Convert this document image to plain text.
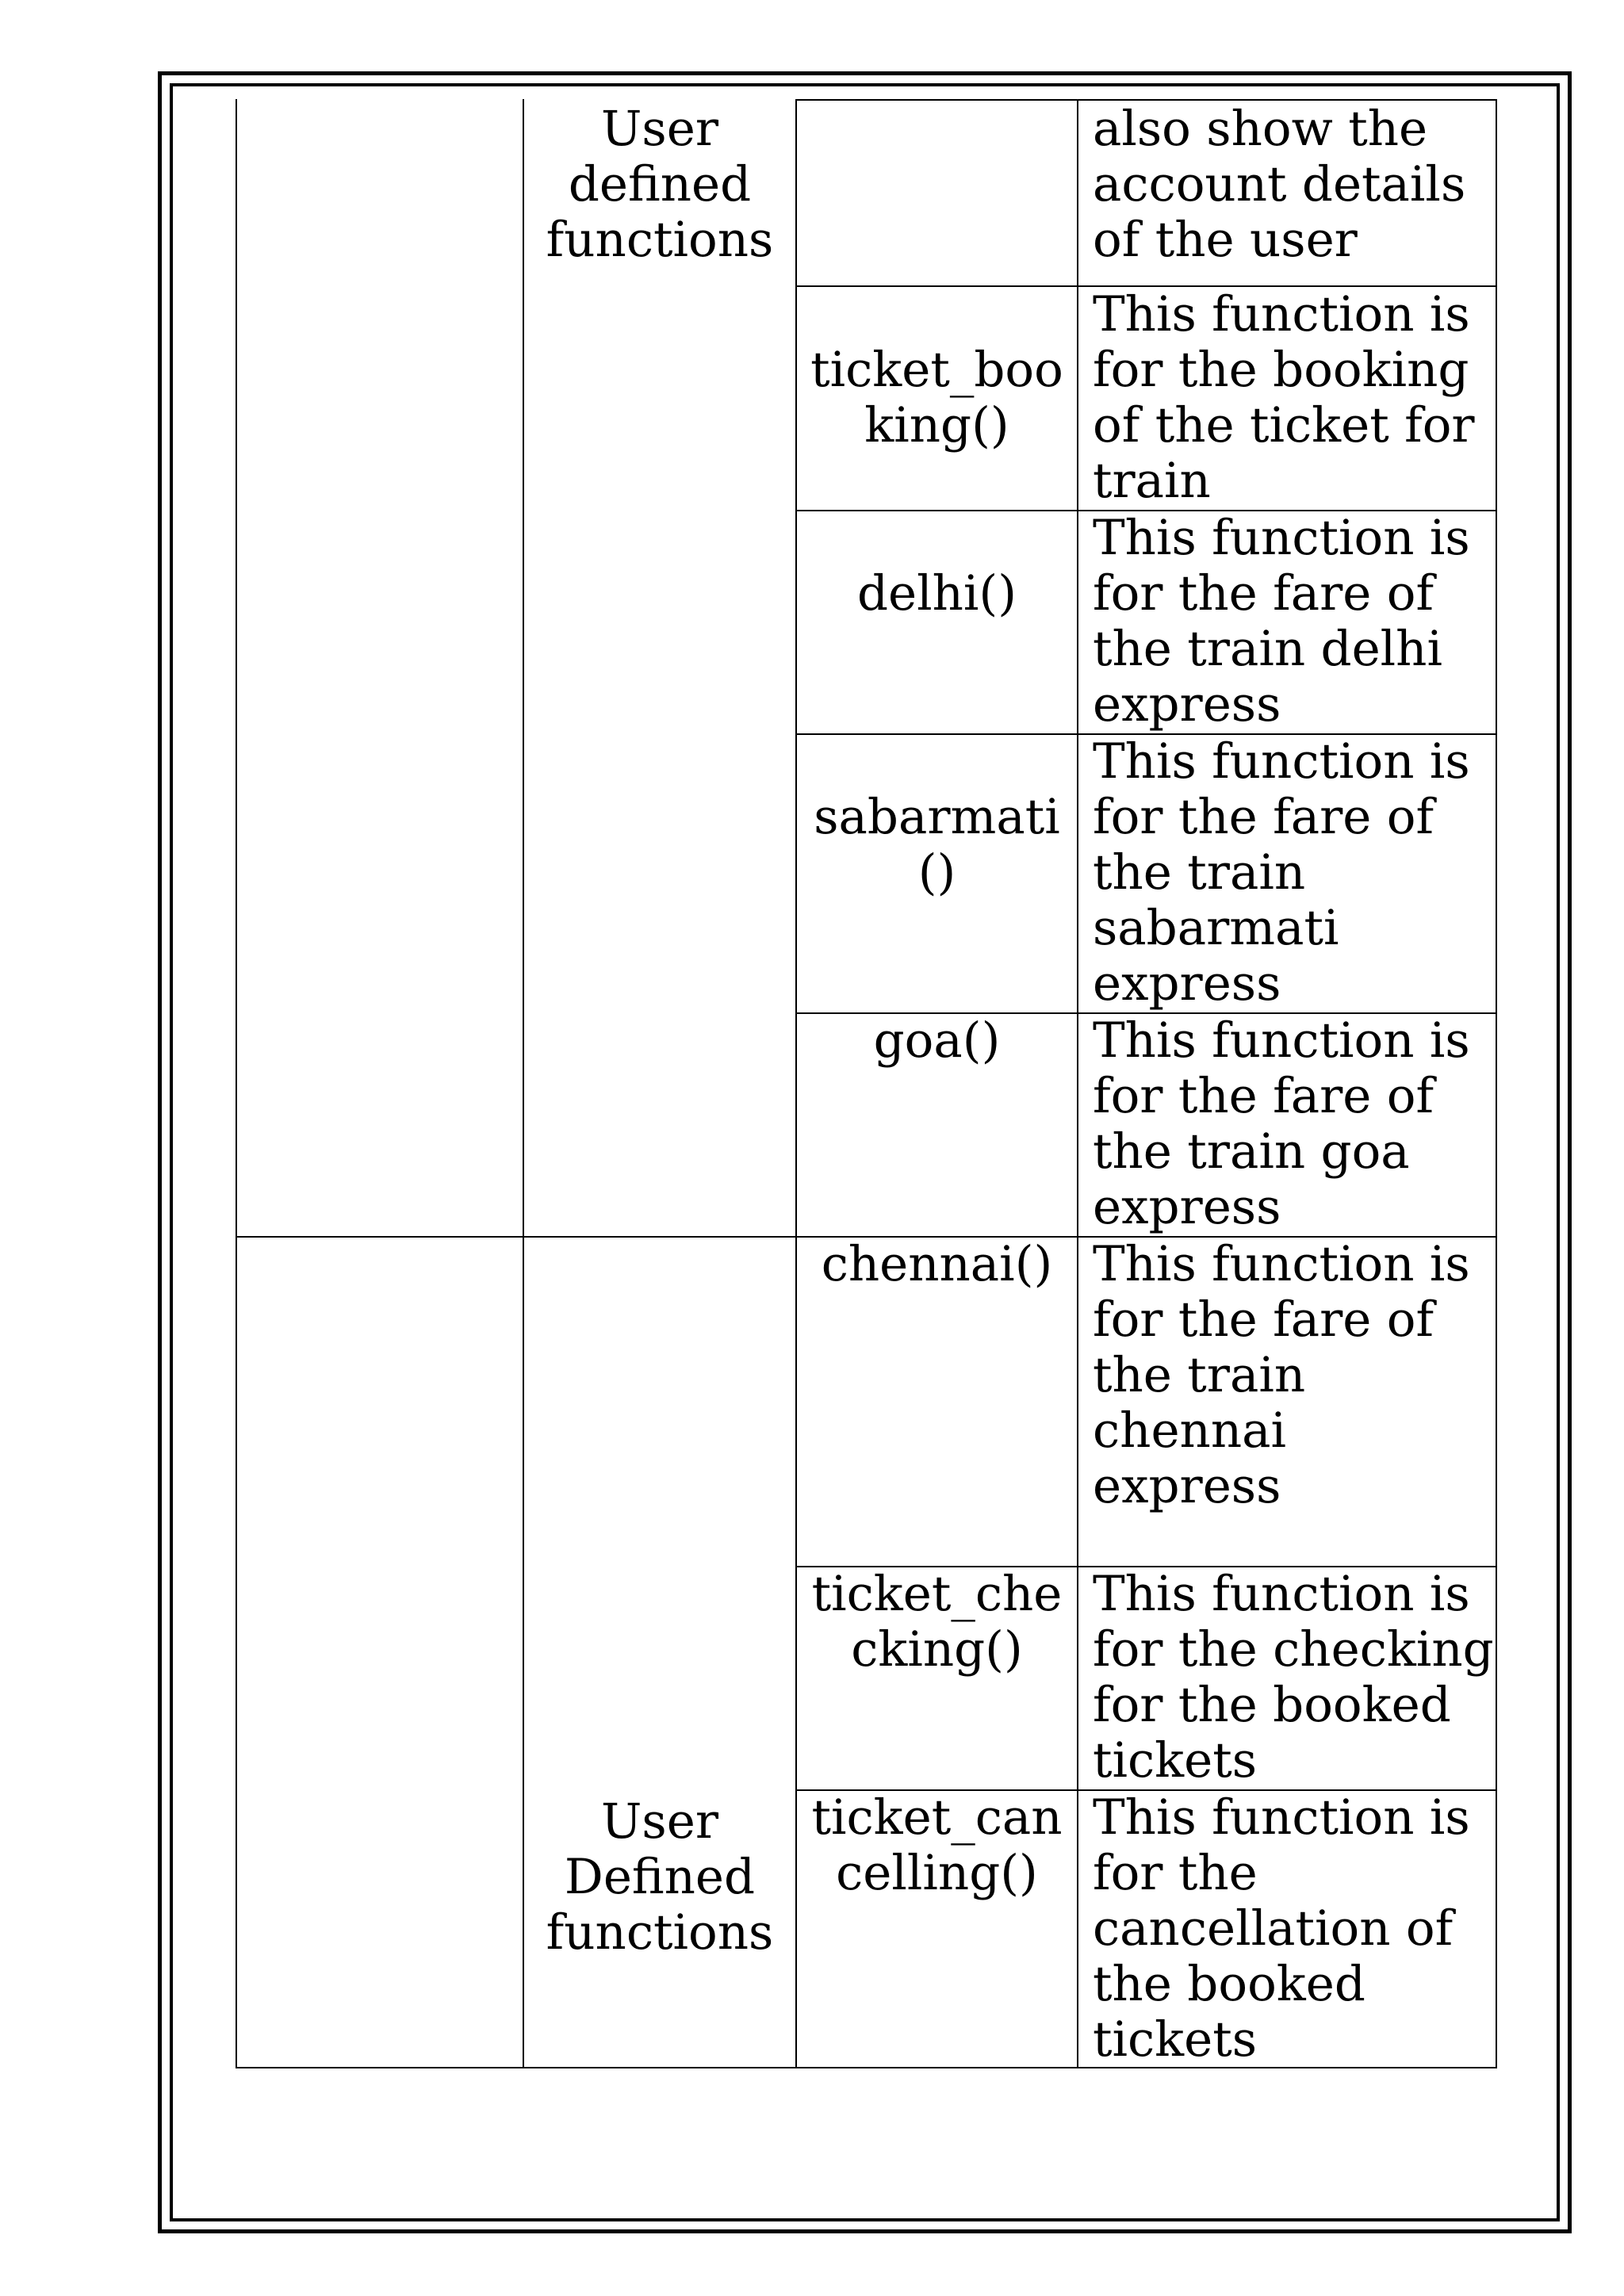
User
defined
functions
User
Defined
functions
ticket_boo
king()
delhi()
sabarmati
()
goa()
chennai()
ticket_che
cking()
ticket_can
celling()
also show the
account details
of the user
This function is
for the booking
of the ticket for
train
This function is
for the fare of
the train delhi
express
This function is
for the fare of
the train
sabarmati
express
This function is
for the fare of
the train goa
express
This function is
for the fare of
the train
chennai
express
This function is
for the checking
for the booked
tickets
This function is
for the
cancellation of
the booked
tickets
